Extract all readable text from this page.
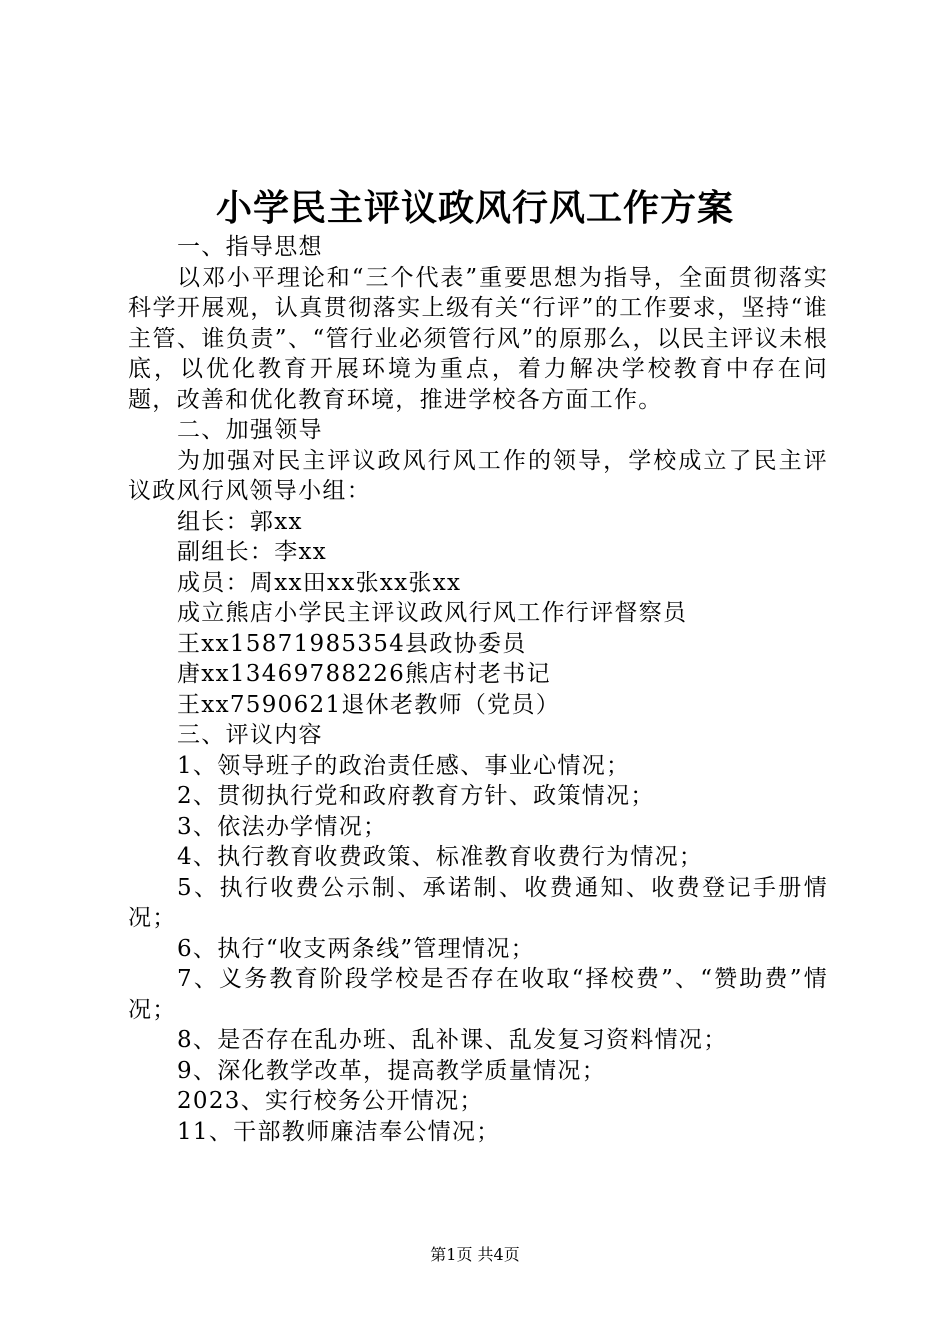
小学民主评议政风行风工作方案

一、指导思想

以邓小平理论和“三个代表”重要思想为指导，全面贯彻落实科学开展观，认真贯彻落实上级有关“行评”的工作要求，坚持“谁主管、谁负责”、“管行业必须管行风”的原那么，以民主评议未根底，以优化教育开展环境为重点，着力解决学校教育中存在问题，改善和优化教育环境，推进学校各方面工作。

二、加强领导

为加强对民主评议政风行风工作的领导，学校成立了民主评议政风行风领导小组：

组长：郭xx

副组长：李xx

成员：周xx田xx张xx张xx

成立熊店小学民主评议政风行风工作行评督察员

王xx15871985354县政协委员

唐xx13469788226熊店村老书记

王xx7590621退休老教师（党员）

三、评议内容

1、领导班子的政治责任感、事业心情况；

2、贯彻执行党和政府教育方针、政策情况；

3、依法办学情况；

4、执行教育收费政策、标准教育收费行为情况；

5、执行收费公示制、承诺制、收费通知、收费登记手册情况；

6、执行“收支两条线”管理情况；

7、义务教育阶段学校是否存在收取“择校费”、“赞助费”情况；

8、是否存在乱办班、乱补课、乱发复习资料情况；

9、深化教学改革，提高教学质量情况；

2023、实行校务公开情况；

11、干部教师廉洁奉公情况；

第1页 共4页
